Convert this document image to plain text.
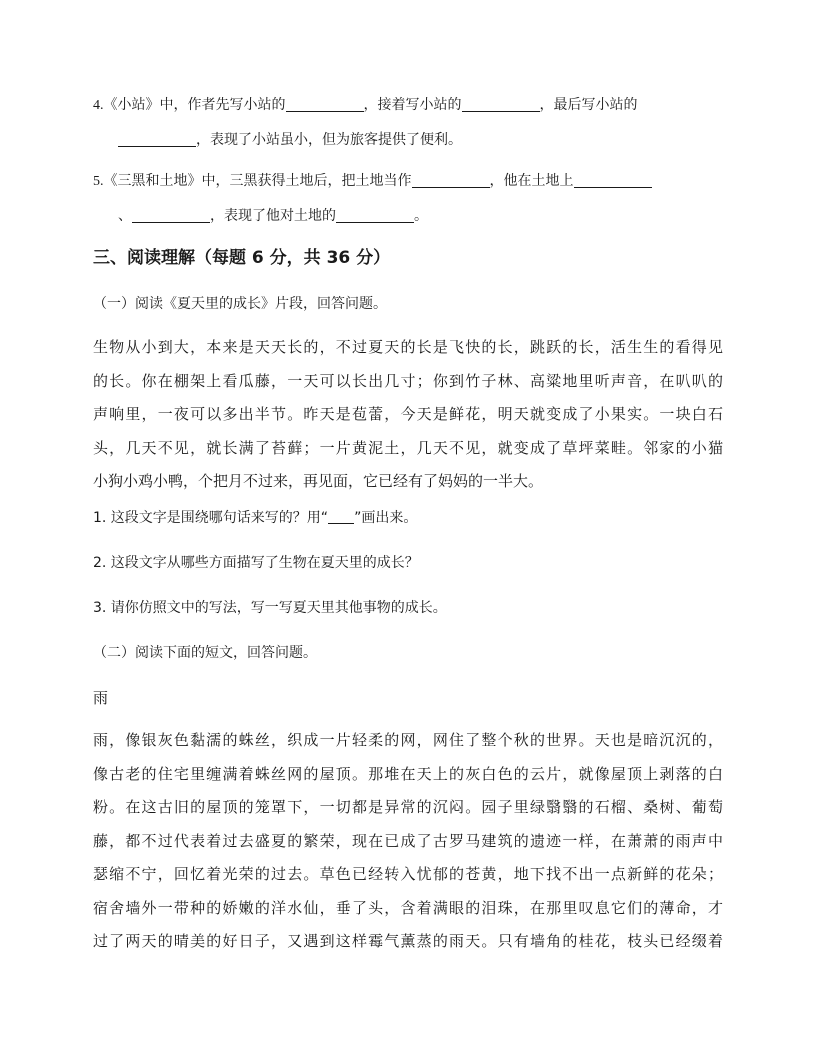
4.《小站》中，作者先写小站的	，接着写小站的	，最后写小站的
，表现了小站虽小，但为旅客提供了便利。
5.《三黑和土地》中，三黑获得土地后，把土地当作	，他在土地上
、	，表现了他对土地的	。
三、阅读理解（每题 6 分，共 36 分）

（一）阅读《夏天里的成长》片段，回答问题。

生物从小到大，本来是天天长的，不过夏天的长是飞快的长，跳跃的长，活生生的看得见
的长。你在棚架上看瓜藤，一天可以长出几寸；你到竹子林、高粱地里听声音，在叭叭的
声响里，一夜可以多出半节。昨天是苞蕾，今天是鲜花，明天就变成了小果实。一块白石
头，几天不见，就长满了苔藓；一片黄泥土，几天不见，就变成了草坪菜畦。邻家的小猫
小狗小鸡小鸭，个把月不过来，再见面，它已经有了妈妈的一半大。

1. 这段文字是围绕哪句话来写的？用“ ”画出来。

2. 这段文字从哪些方面描写了生物在夏天里的成长？

3. 请你仿照文中的写法，写一写夏天里其他事物的成长。

（二）阅读下面的短文，回答问题。

雨

雨，像银灰色黏濡的蛛丝，织成一片轻柔的网，网住了整个秋的世界。天也是暗沉沉的，
像古老的住宅里缠满着蛛丝网的屋顶。那堆在天上的灰白色的云片，就像屋顶上剥落的白
粉。在这古旧的屋顶的笼罩下，一切都是异常的沉闷。园子里绿翳翳的石榴、桑树、葡萄
藤，都不过代表着过去盛夏的繁荣，现在已成了古罗马建筑的遗迹一样，在萧萧的雨声中
瑟缩不宁，回忆着光荣的过去。草色已经转入忧郁的苍黄，地下找不出一点新鲜的花朵；
宿舍墙外一带种的娇嫩的洋水仙，垂了头，含着满眼的泪珠，在那里叹息它们的薄命，才
过了两天的晴美的好日子，又遇到这样霉气薰蒸的雨天。只有墙角的桂花，枝头已经缀着
